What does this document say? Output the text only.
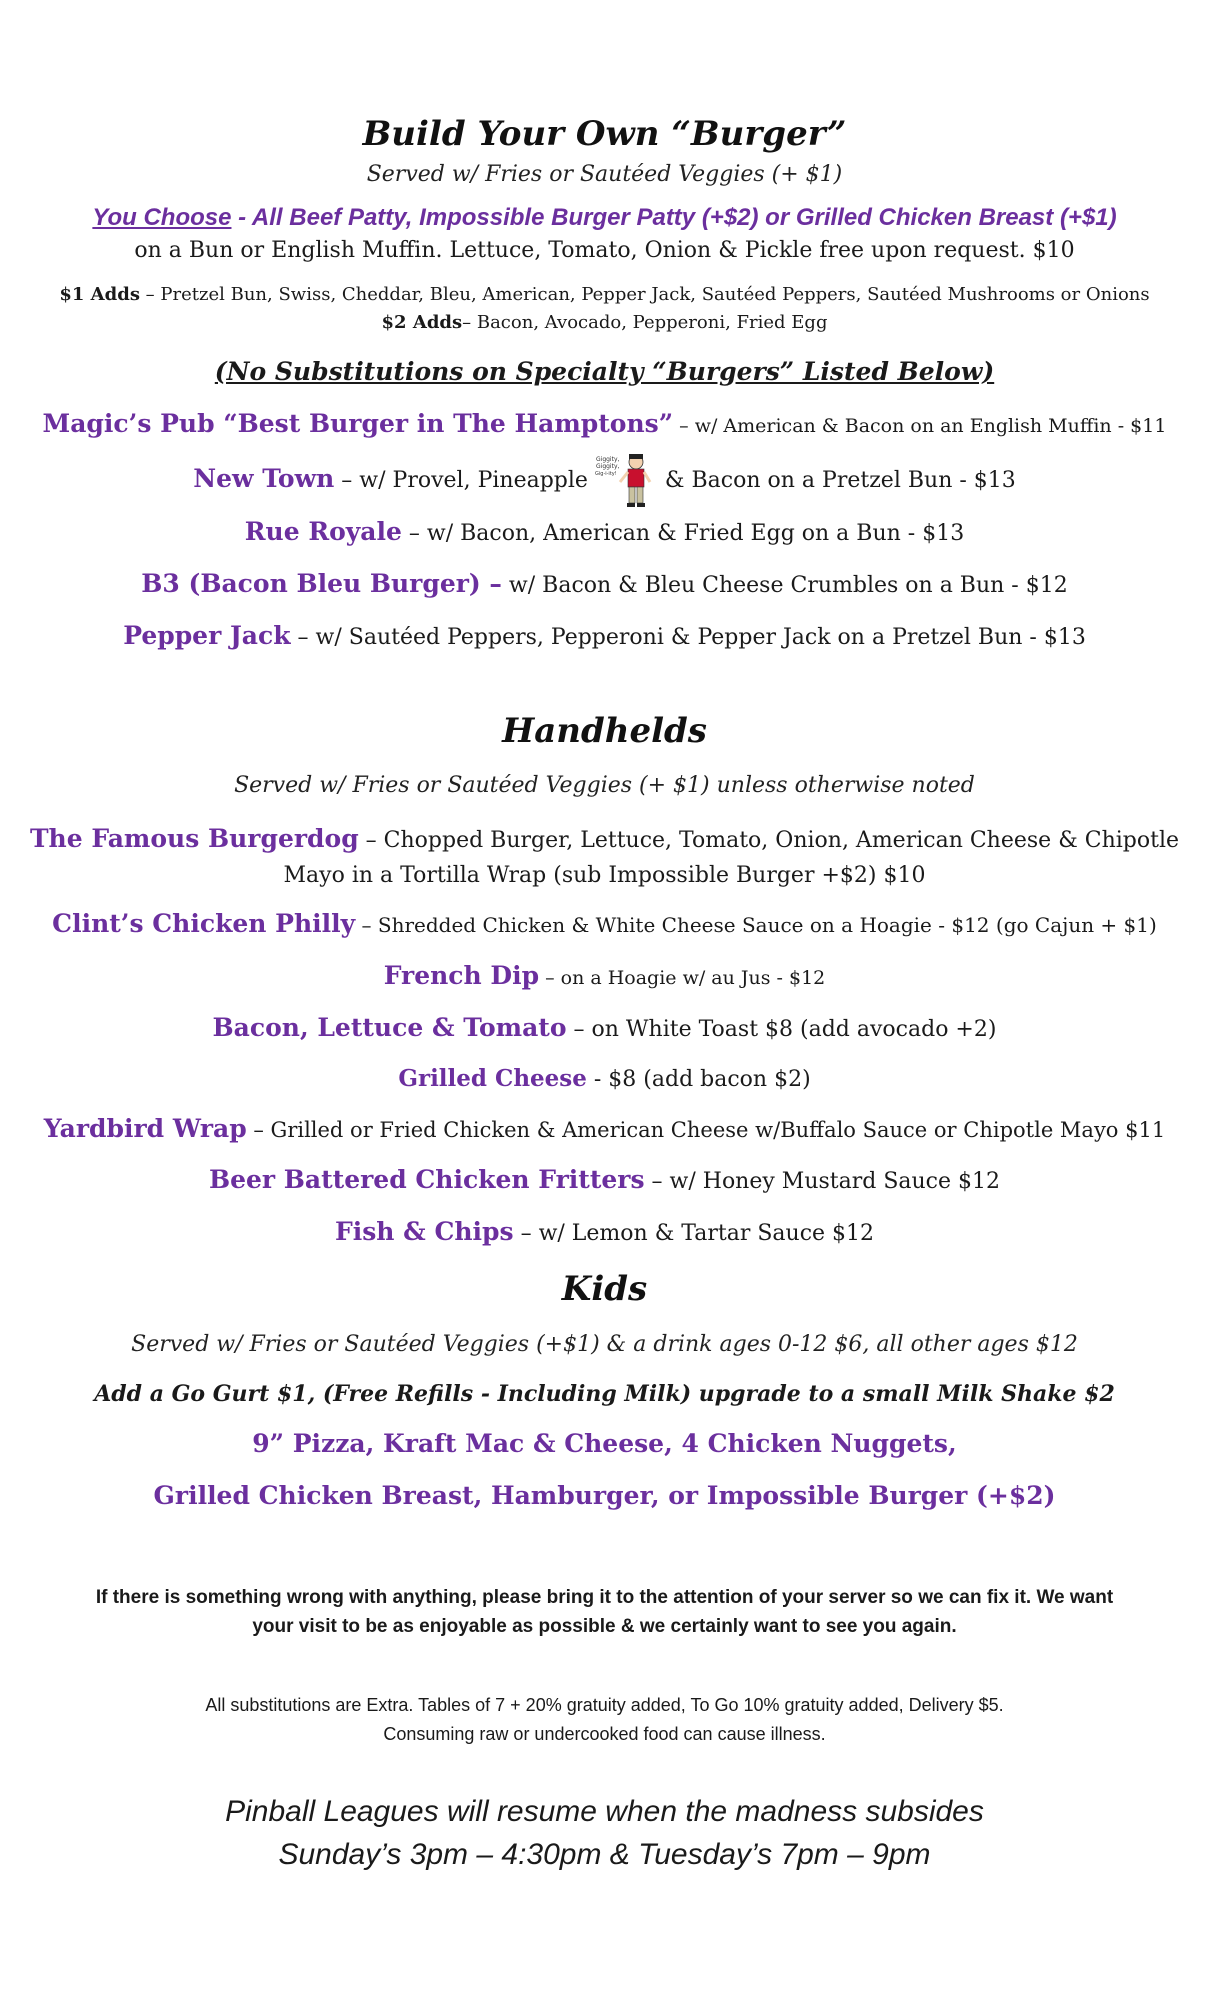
Build Your Own “Burger”
Served w/ Fries or Sautéed Veggies (+ $1)
You Choose - All Beef Patty, Impossible Burger Patty (+$2) or Grilled Chicken Breast (+$1)
on a Bun or English Muffin. Lettuce, Tomato, Onion & Pickle free upon request. $10
$1 Adds – Pretzel Bun, Swiss, Cheddar, Bleu, American, Pepper Jack, Sautéed Peppers, Sautéed Mushrooms or Onions
$2 Adds– Bacon, Avocado, Pepperoni, Fried Egg
(No Substitutions on Specialty “Burgers” Listed Below)
Magic’s Pub “Best Burger in The Hamptons” – w/ American & Bacon on an English Muffin - $11
New Town – w/ Provel, Pineapple
Giggity,
Giggity,
Gig-i-ity! & Bacon on a Pretzel Bun - $13
Rue Royale – w/ Bacon, American & Fried Egg on a Bun - $13
B3 (Bacon Bleu Burger) – w/ Bacon & Bleu Cheese Crumbles on a Bun - $12
Pepper Jack – w/ Sautéed Peppers, Pepperoni & Pepper Jack on a Pretzel Bun - $13
Handhelds
Served w/ Fries or Sautéed Veggies (+ $1) unless otherwise noted
The Famous Burgerdog – Chopped Burger, Lettuce, Tomato, Onion, American Cheese & Chipotle
Mayo in a Tortilla Wrap (sub Impossible Burger +$2) $10
Clint’s Chicken Philly – Shredded Chicken & White Cheese Sauce on a Hoagie - $12 (go Cajun + $1)
French Dip – on a Hoagie w/ au Jus - $12
Bacon, Lettuce & Tomato – on White Toast $8 (add avocado +2)
Grilled Cheese - $8 (add bacon $2)
Yardbird Wrap – Grilled or Fried Chicken & American Cheese w/Buffalo Sauce or Chipotle Mayo $11
Beer Battered Chicken Fritters – w/ Honey Mustard Sauce $12
Fish & Chips – w/ Lemon & Tartar Sauce $12
Kids
Served w/ Fries or Sautéed Veggies (+$1) & a drink ages 0-12 $6, all other ages $12
Add a Go Gurt $1, (Free Refills - Including Milk) upgrade to a small Milk Shake $2
9” Pizza, Kraft Mac & Cheese, 4 Chicken Nuggets,
Grilled Chicken Breast, Hamburger, or Impossible Burger (+$2)
If there is something wrong with anything, please bring it to the attention of your server so we can fix it. We want
your visit to be as enjoyable as possible & we certainly want to see you again.
All substitutions are Extra. Tables of 7 + 20% gratuity added, To Go 10% gratuity added, Delivery $5.
Consuming raw or undercooked food can cause illness.
Pinball Leagues will resume when the madness subsides
Sunday’s 3pm – 4:30pm & Tuesday’s 7pm – 9pm
